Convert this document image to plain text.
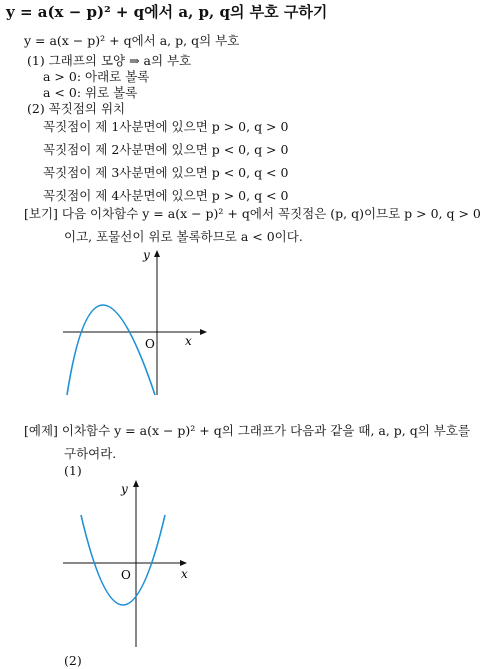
y = a(x − p)² + q에서 a, p, q의 부호 구하기
y = a(x − p)² + q에서 a, p, q의 부호
(1) 그래프의 모양 ⇒ a의 부호
a > 0: 아래로 볼록
a < 0: 위로 볼록
(2) 꼭짓점의 위치
꼭짓점이 제 1사분면에 있으면 p > 0, q > 0
꼭짓점이 제 2사분면에 있으면 p < 0, q > 0
꼭짓점이 제 3사분면에 있으면 p < 0, q < 0
꼭짓점이 제 4사분면에 있으면 p > 0, q < 0
[보기] 다음 이차함수 y = a(x − p)² + q에서 꼭짓점은 (p, q)이므로 p > 0, q > 0
이고, 포물선이 위로 볼록하므로 a < 0이다.
y
x
O
[예제] 이차함수 y = a(x − p)² + q의 그래프가 다음과 같을 때, a, p, q의 부호를
구하여라.
(1)
y
x
O
(2)
